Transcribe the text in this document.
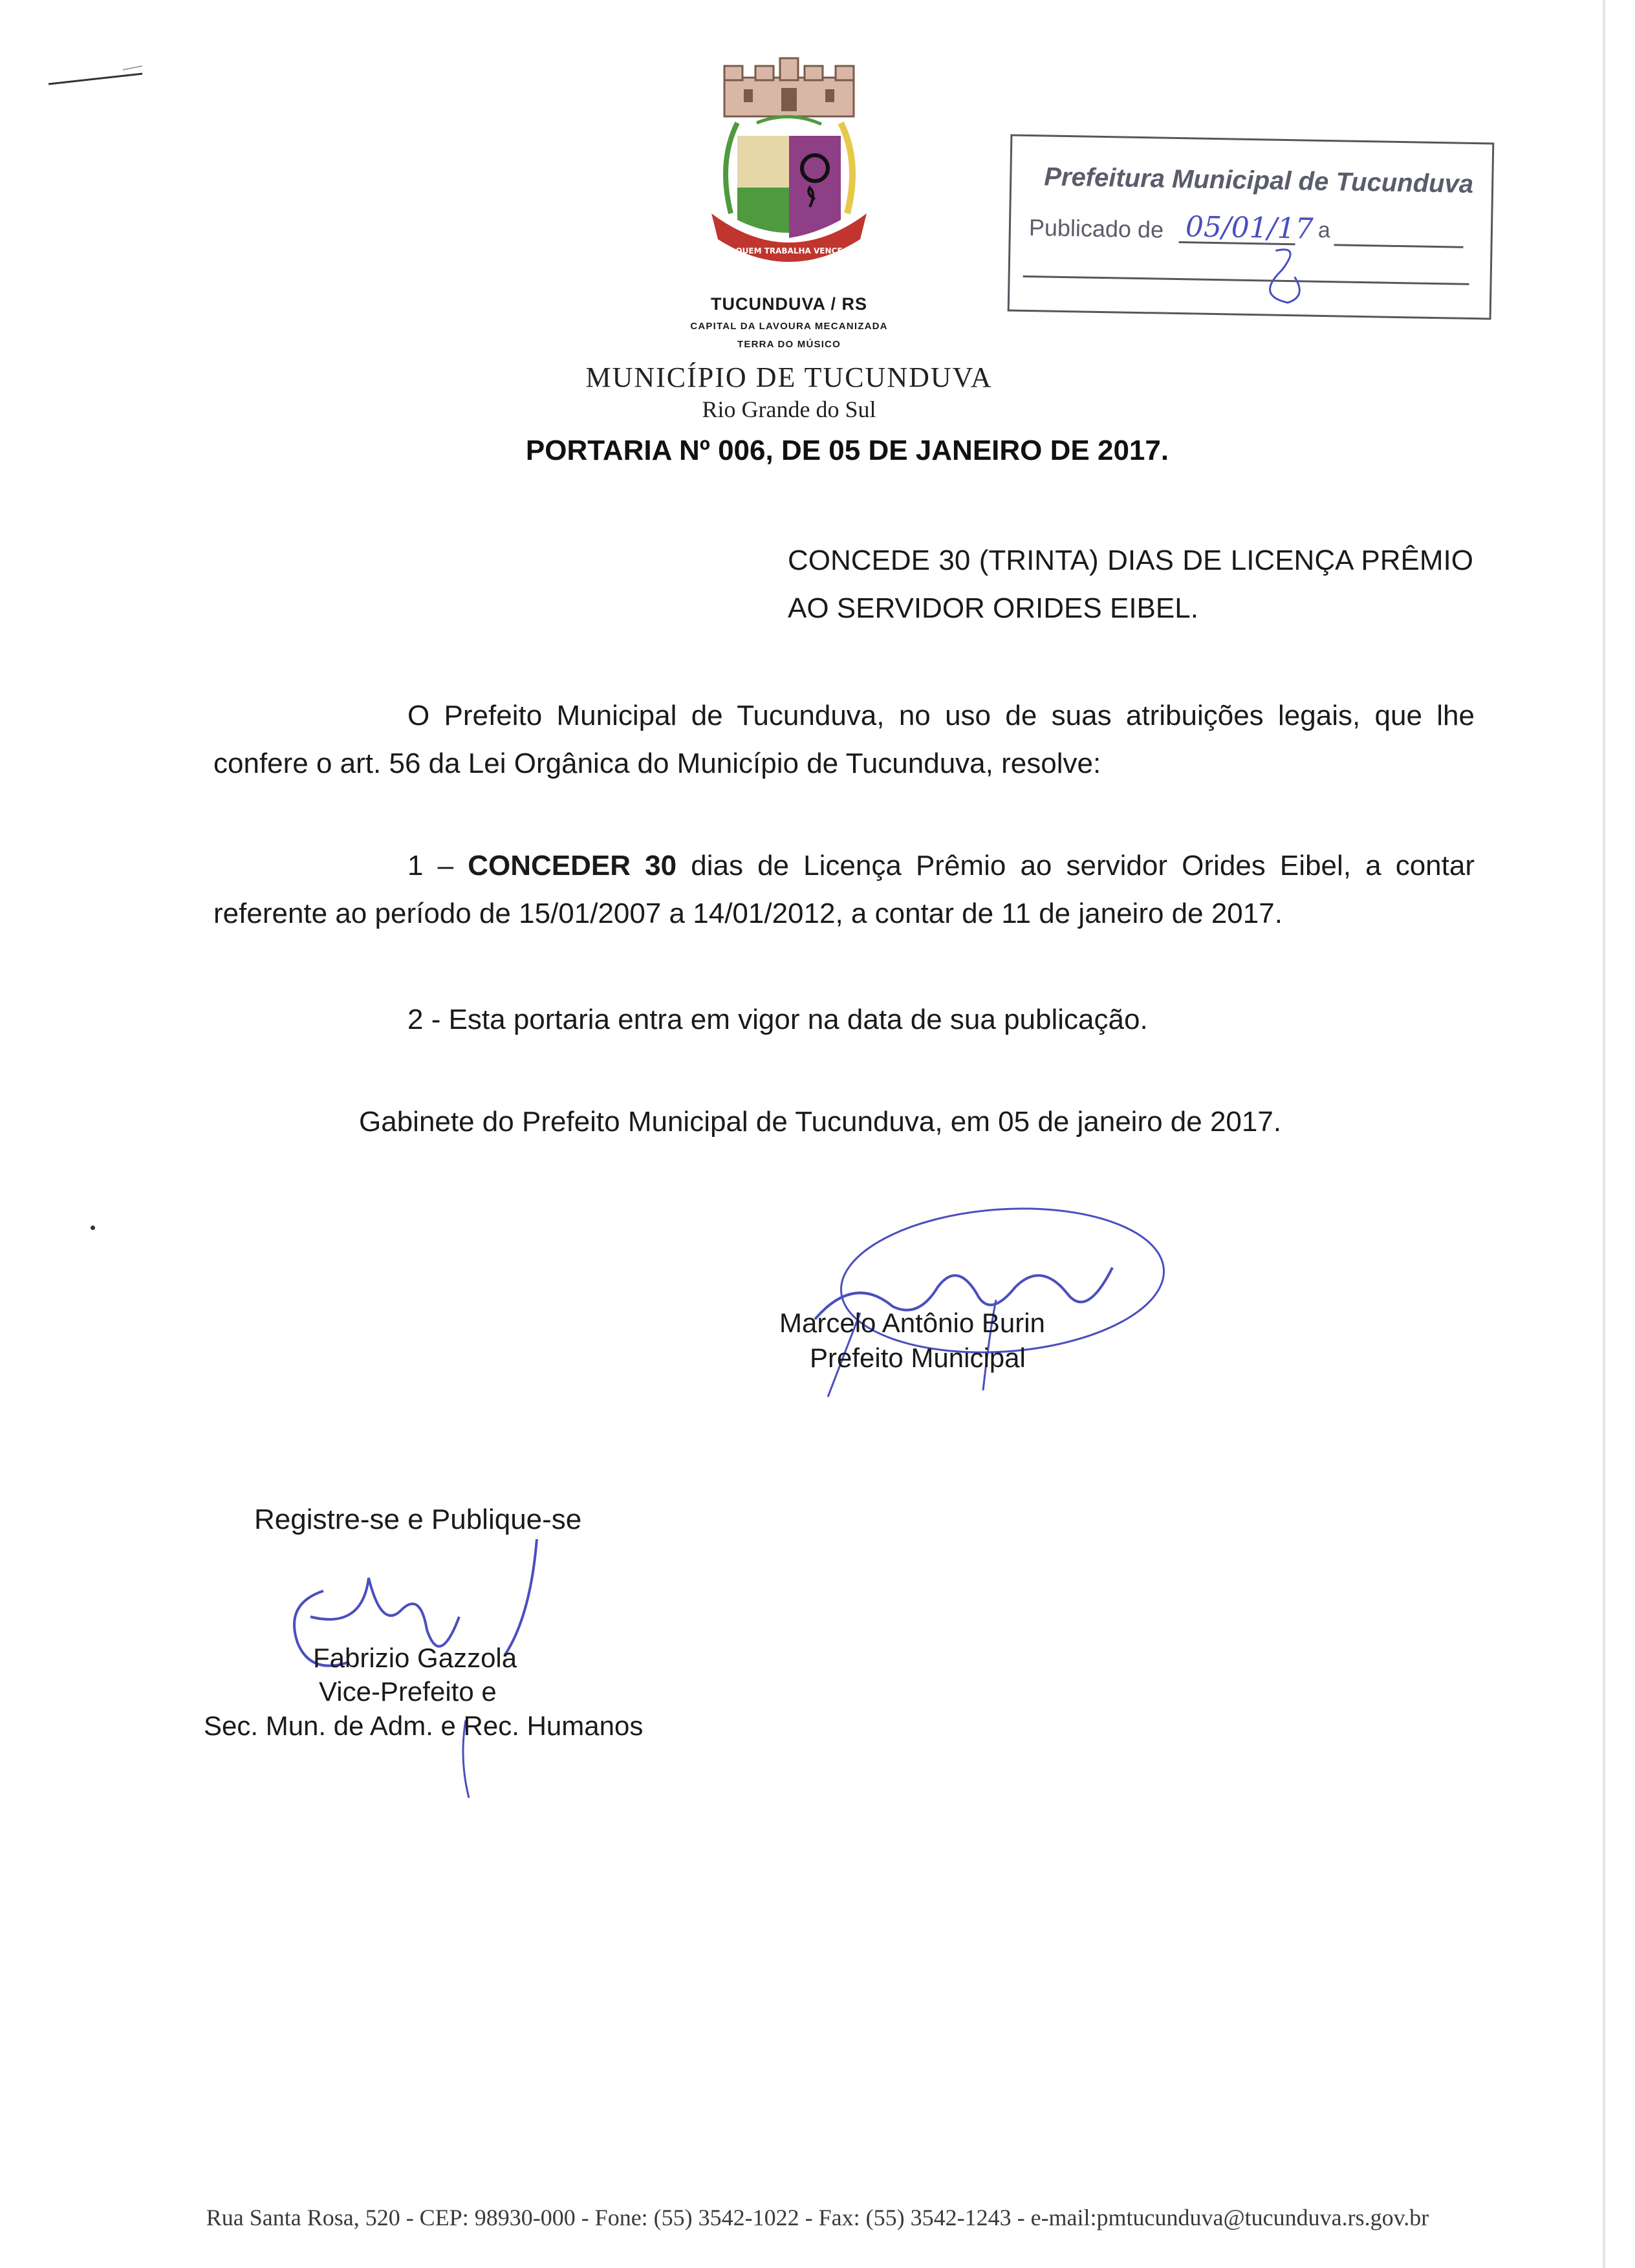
QUEM TRABALHA VENCE
TUCUNDUVA / RS
CAPITAL DA LAVOURA MECANIZADA
TERRA DO MÚSICO
MUNICÍPIO DE TUCUNDUVA
Rio Grande do Sul
Prefeitura Municipal de Tucunduva
Publicado de	a
05/01/17
PORTARIA Nº 006, DE 05 DE JANEIRO DE 2017.
CONCEDE 30 (TRINTA) DIAS DE LICENÇA PRÊMIO AO SERVIDOR ORIDES EIBEL.
O Prefeito Municipal de Tucunduva, no uso de suas atribuições legais, que lhe confere o art. 56 da Lei Orgânica do Município de Tucunduva, resolve:
1 – CONCEDER 30 dias de Licença Prêmio ao servidor Orides Eibel, a contar referente ao período de 15/01/2007 a 14/01/2012, a contar de 11 de janeiro de 2017.
2 - Esta portaria entra em vigor na data de sua publicação.
Gabinete do Prefeito Municipal de Tucunduva, em 05 de janeiro de 2017.
Marcelo Antônio Burin
Prefeito Municipal
Registre-se e Publique-se
Fabrizio Gazzola
Vice-Prefeito e
Sec. Mun. de Adm. e Rec. Humanos
Rua Santa Rosa, 520 - CEP: 98930-000 - Fone: (55) 3542-1022 - Fax: (55) 3542-1243 - e-mail:pmtucunduva@tucunduva.rs.gov.br
